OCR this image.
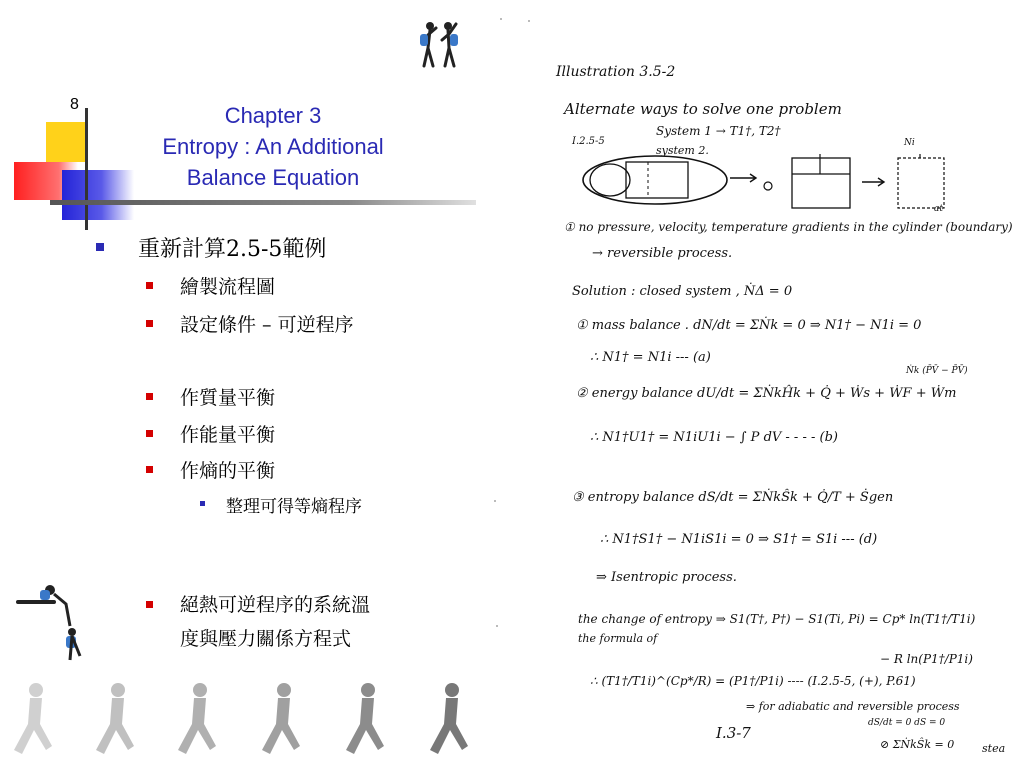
8	Chapter 3
Entropy : An Additional
Balance Equation
重新計算2.5-5範例
繪製流程圖
設定條件 – 可逆程序
作質量平衡
作能量平衡
作熵的平衡
整理可得等熵程序
絕熱可逆程序的系統溫
度與壓力關係方程式
Illustration 3.5-2
Alternate ways to solve one problem
I.2.5-5
System 1 → T1†, T2†
system 2.
Ni
① no pressure, velocity, temperature gradients in the cylinder (boundary)
at
→ reversible process.
Solution : closed system , ṄΔ = 0
① mass balance . dN/dt = ΣṄk = 0 ⇒ N1† − N1i = 0
∴ N1† = N1i --- (a)
② energy balance dU/dt = ΣṄkĤk + Q̇ + Ẇs + ẆF + Ẇm
Ṅk (P̄V̄ − P̄V̄)
∴ N1†U1† = N1iU1i − ∫ P dV - - - - (b)
③ entropy balance dS/dt = ΣṄkŜk + Q̇/T + Ṡgen
∴ N1†S1† − N1iS1i = 0 ⇒ S1† = S1i --- (d)
⇒ Isentropic process.
the change of entropy ⇒ S1(T†, P†) − S1(Ti, Pi) = Cp* ln(T1†/T1i)
the formula of
− R ln(P1†/P1i)
∴ (T1†/T1i)^(Cp*/R) = (P1†/P1i) ---- (I.2.5-5, (+), P.61)
⇒ for adiabatic and reversible process
I.3-7
dS/dt = 0 dS = 0
⊘ ΣṄkŜk = 0	stea
